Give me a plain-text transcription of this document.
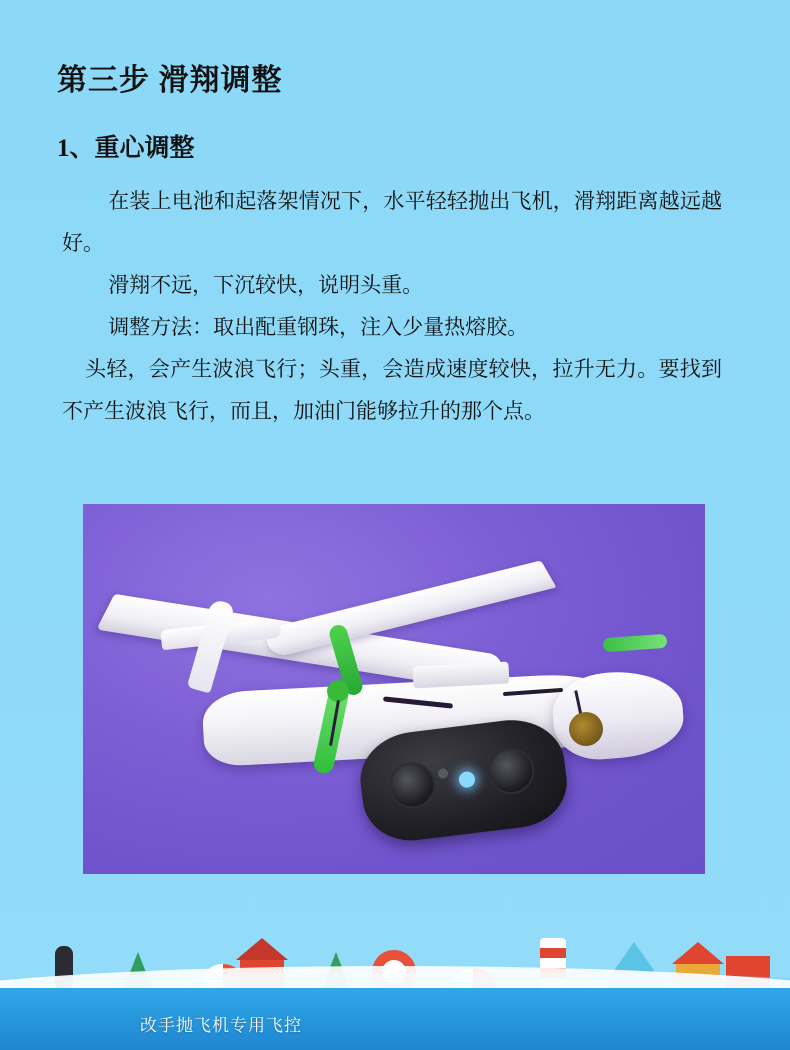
第三步 滑翔调整
1、重心调整

在装上电池和起落架情况下，水平轻轻抛出飞机，滑翔距离越远越好。

滑翔不远，下沉较快，说明头重。

调整方法：取出配重钢珠，注入少量热熔胶。

头轻，会产生波浪飞行；头重，会造成速度较快，拉升无力。要找到不产生波浪飞行，而且，加油门能够拉升的那个点。

改手抛飞机专用飞控
